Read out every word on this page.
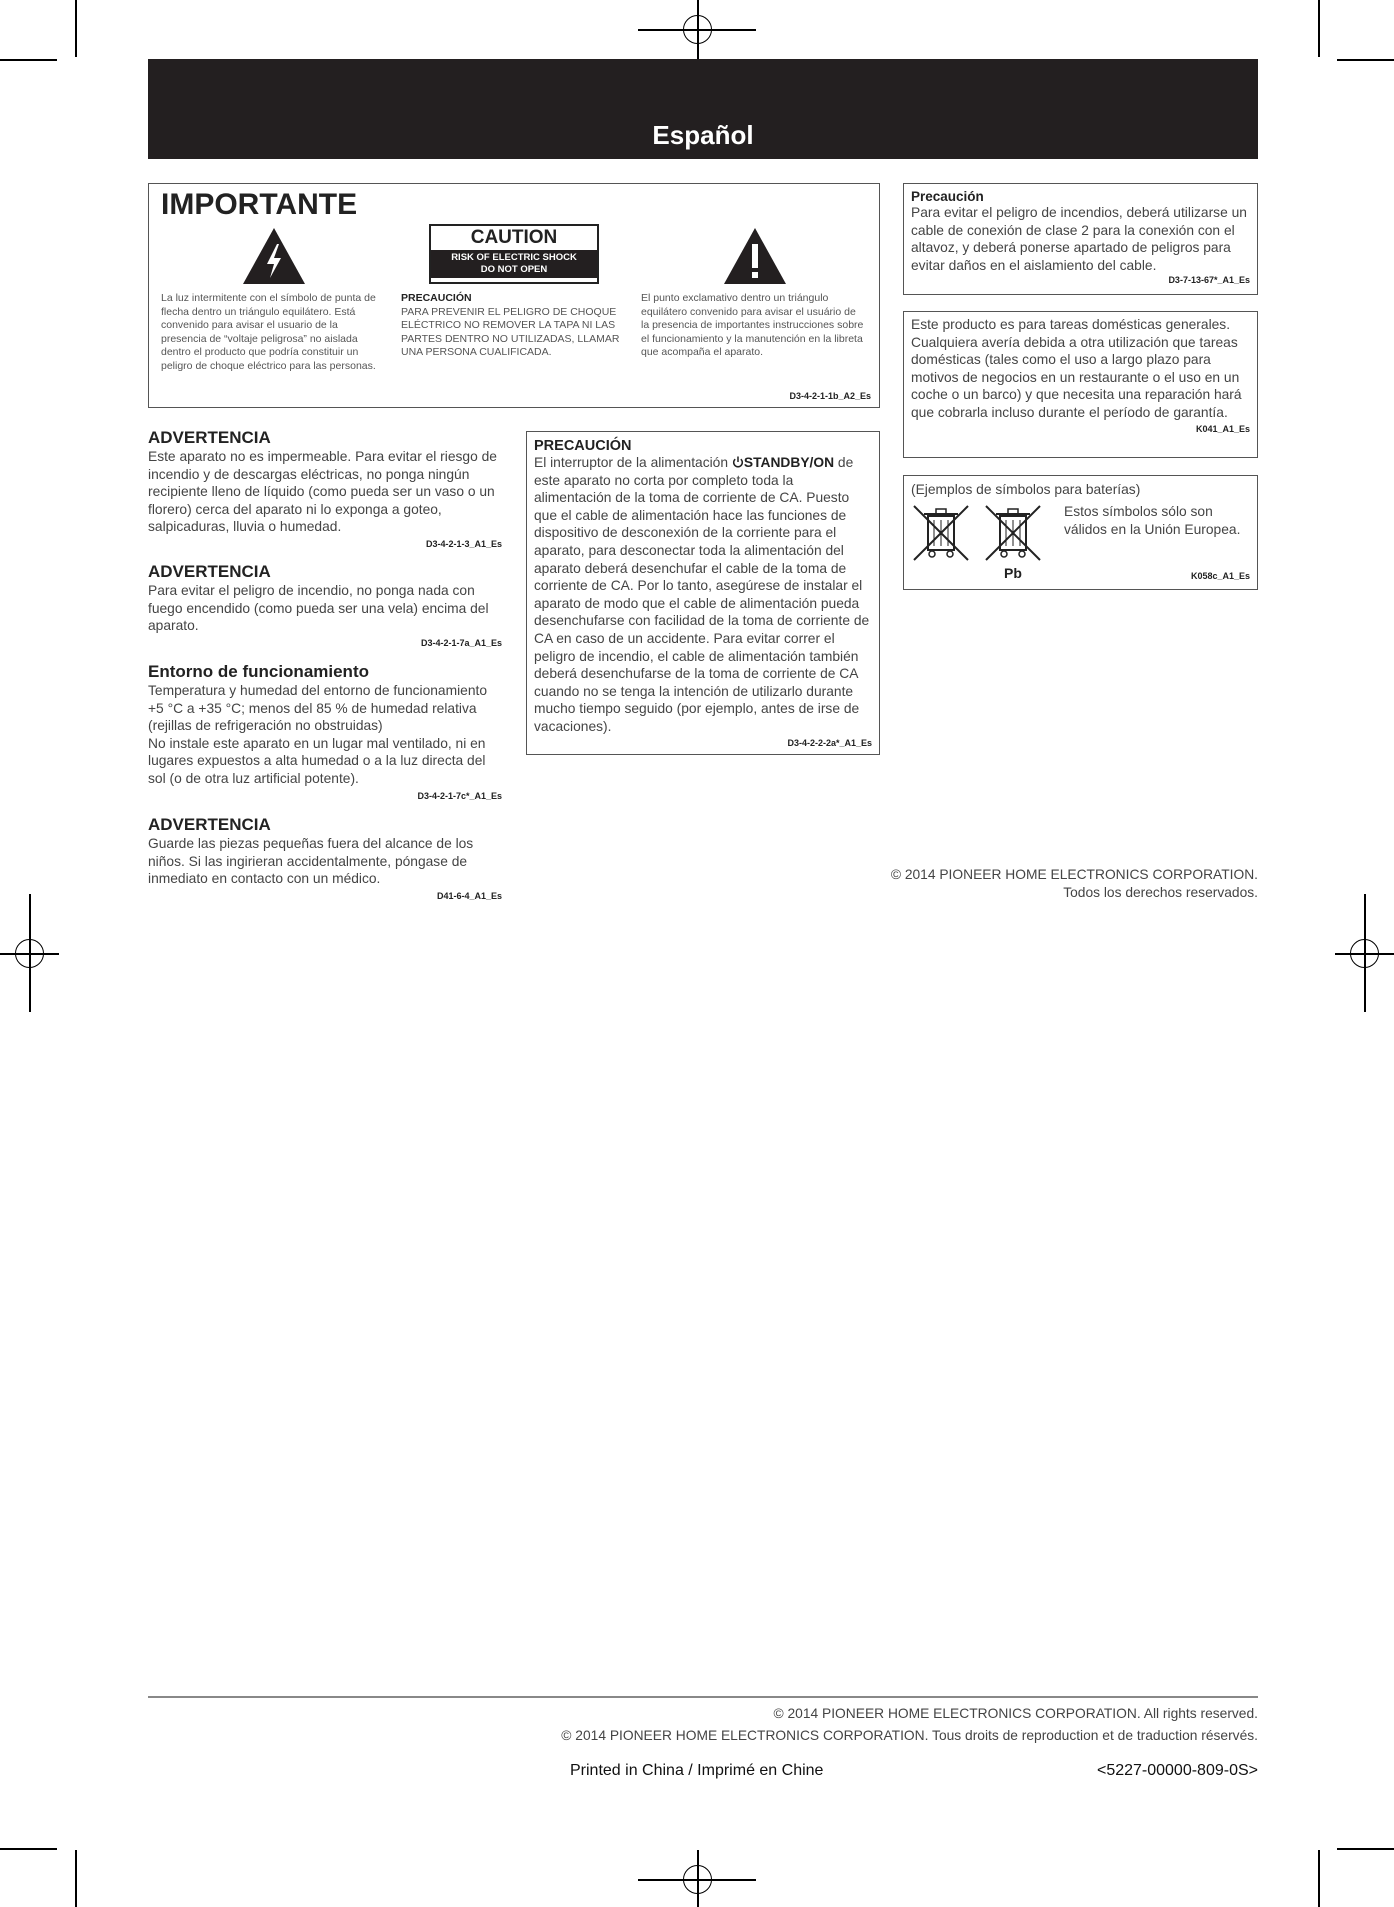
Español
IMPORTANTE
CAUTION
RISK OF ELECTRIC SHOCK
DO NOT OPEN
La luz intermitente con el símbolo de punta de flecha dentro un triángulo equilátero. Está convenido para avisar el usuario de la presencia de “voltaje peligrosa” no aislada dentro el producto que podría constituir un peligro de choque eléctrico para las personas.
PRECAUCIÓN
PARA PREVENIR EL PELIGRO DE CHOQUE ELÉCTRICO NO REMOVER LA TAPA NI LAS PARTES DENTRO NO UTILIZADAS, LLAMAR UNA PERSONA CUALIFICADA.
El punto exclamativo dentro un triángulo equilátero convenido para avisar el usuário de la presencia de importantes instrucciones sobre el funcionamiento y la manutención en la libreta que acompaña el aparato.
D3-4-2-1-1b_A2_Es
ADVERTENCIA
Este aparato no es impermeable. Para evitar el riesgo de incendio y de descargas eléctricas, no ponga ningún recipiente lleno de líquido (como pueda ser un vaso o un florero) cerca del aparato ni lo exponga a goteo, salpicaduras, lluvia o humedad.
D3-4-2-1-3_A1_Es
ADVERTENCIA
Para evitar el peligro de incendio, no ponga nada con fuego encendido (como pueda ser una vela) encima del aparato.
D3-4-2-1-7a_A1_Es
Entorno de funcionamiento
Temperatura y humedad del entorno de funcionamiento +5 °C a +35 °C; menos del 85 % de humedad relativa (rejillas de refrigeración no obstruidas)
No instale este aparato en un lugar mal ventilado, ni en lugares expuestos a alta humedad o a la luz directa del sol (o de otra luz artificial potente).
D3-4-2-1-7c*_A1_Es
ADVERTENCIA
Guarde las piezas pequeñas fuera del alcance de los niños. Si las ingirieran accidentalmente, póngase de inmediato en contacto con un médico.
D41-6-4_A1_Es
PRECAUCIÓN
El interruptor de la alimentación STANDBY/ON de este aparato no corta por completo toda la alimentación de la toma de corriente de CA. Puesto que el cable de alimentación hace las funciones de dispositivo de desconexión de la corriente para el aparato, para desconectar toda la alimentación del aparato deberá desenchufar el cable de la toma de corriente de CA. Por lo tanto, asegúrese de instalar el aparato de modo que el cable de alimentación pueda desenchufarse con facilidad de la toma de corriente de CA en caso de un accidente. Para evitar correr el peligro de incendio, el cable de alimentación también deberá desenchufarse de la toma de corriente de CA cuando no se tenga la intención de utilizarlo durante mucho tiempo seguido (por ejemplo, antes de irse de vacaciones).
D3-4-2-2-2a*_A1_Es
Precaución
Para evitar el peligro de incendios, deberá utilizarse un cable de conexión de clase 2 para la conexión con el altavoz, y deberá ponerse apartado de peligros para evitar daños en el aislamiento del cable.
D3-7-13-67*_A1_Es
Este producto es para tareas domésticas generales. Cualquiera avería debida a otra utilización que tareas domésticas (tales como el uso a largo plazo para motivos de negocios en un restaurante o el uso en un coche o un barco) y que necesita una reparación hará que cobrarla incluso durante el período de garantía.
K041_A1_Es
(Ejemplos de símbolos para baterías)
Pb
Estos símbolos sólo son válidos en la Unión Europea.
K058c_A1_Es
© 2014 PIONEER HOME ELECTRONICS CORPORATION.
Todos los derechos reservados.
© 2014 PIONEER HOME ELECTRONICS CORPORATION. All rights reserved.
© 2014 PIONEER HOME ELECTRONICS CORPORATION. Tous droits de reproduction et de traduction réservés.
Printed in China / Imprimé en Chine	<5227-00000-809-0S>
